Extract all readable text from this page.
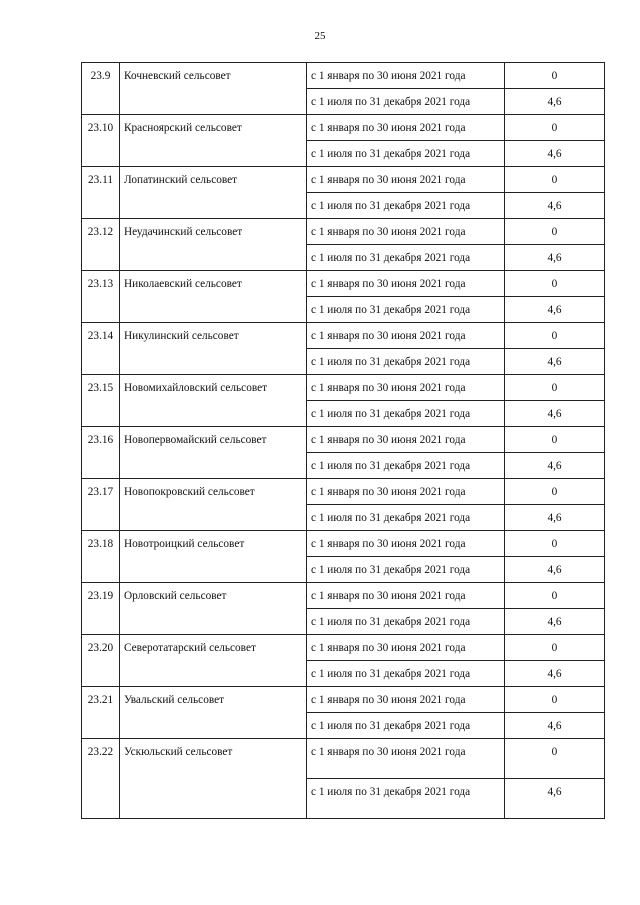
25
23.9	Кочневский сельсовет	с 1 января по 30 июня 2021 года	0
		с 1 июля по 31 декабря 2021 года	4,6
23.10	Красноярский сельсовет	с 1 января по 30 июня 2021 года	0
		с 1 июля по 31 декабря 2021 года	4,6
23.11	Лопатинский сельсовет	с 1 января по 30 июня 2021 года	0
		с 1 июля по 31 декабря 2021 года	4,6
23.12	Неудачинский сельсовет	с 1 января по 30 июня 2021 года	0
		с 1 июля по 31 декабря 2021 года	4,6
23.13	Николаевский сельсовет	с 1 января по 30 июня 2021 года	0
		с 1 июля по 31 декабря 2021 года	4,6
23.14	Никулинский сельсовет	с 1 января по 30 июня 2021 года	0
		с 1 июля по 31 декабря 2021 года	4,6
23.15	Новомихайловский сельсовет	с 1 января по 30 июня 2021 года	0
		с 1 июля по 31 декабря 2021 года	4,6
23.16	Новопервомайский сельсовет	с 1 января по 30 июня 2021 года	0
		с 1 июля по 31 декабря 2021 года	4,6
23.17	Новопокровский сельсовет	с 1 января по 30 июня 2021 года	0
		с 1 июля по 31 декабря 2021 года	4,6
23.18	Новотроицкий сельсовет	с 1 января по 30 июня 2021 года	0
		с 1 июля по 31 декабря 2021 года	4,6
23.19	Орловский сельсовет	с 1 января по 30 июня 2021 года	0
		с 1 июля по 31 декабря 2021 года	4,6
23.20	Северотатарский сельсовет	с 1 января по 30 июня 2021 года	0
		с 1 июля по 31 декабря 2021 года	4,6
23.21	Увальский сельсовет	с 1 января по 30 июня 2021 года	0
		с 1 июля по 31 декабря 2021 года	4,6
23.22	Ускюльский сельсовет	с 1 января по 30 июня 2021 года	0
		с 1 июля по 31 декабря 2021 года	4,6
